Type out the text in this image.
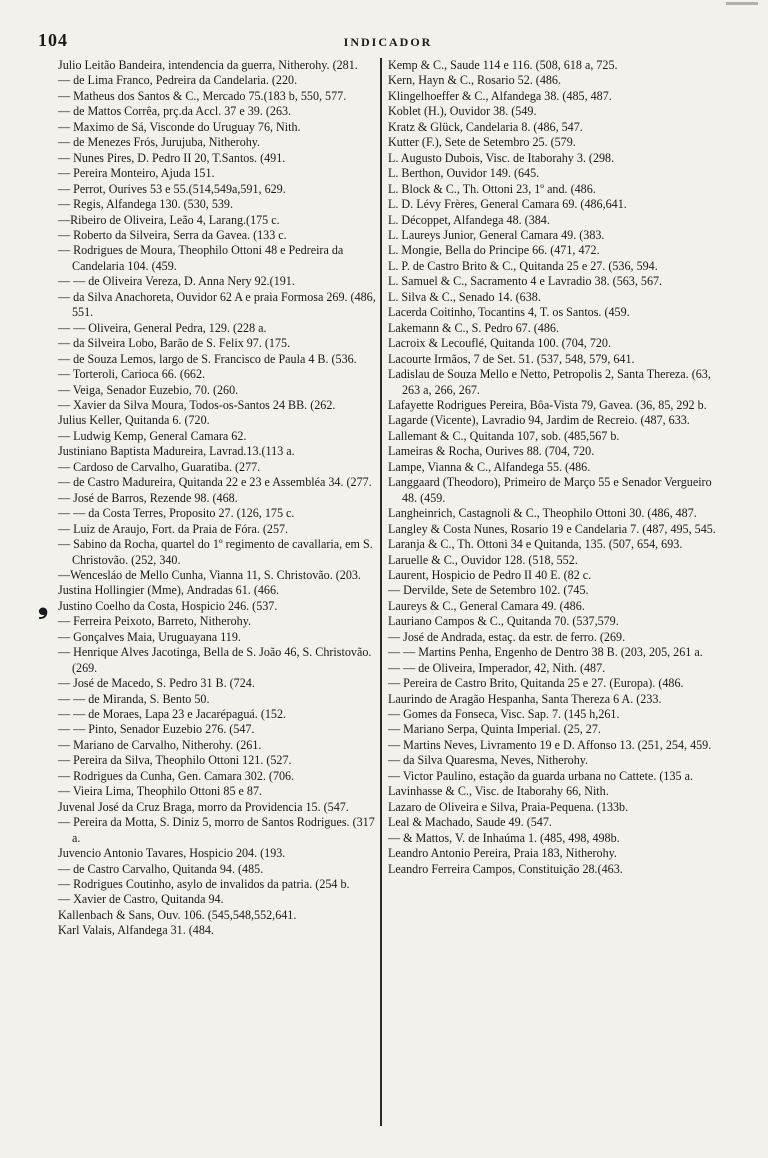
❟
104	INDICADOR

Julio Leitão Bandeira, intendencia da guerra, Nitherohy. (281.

— de Lima Franco, Pedreira da Candelaria. (220.

— Matheus dos Santos & C., Mercado 75.(183 b, 550, 577.

— de Mattos Corrêa, prç.da Accl. 37 e 39. (263.

— Maximo de Sá, Visconde do Uruguay 76, Nith.

— de Menezes Frós, Jurujuba, Nitherohy.

— Nunes Pires, D. Pedro II 20, T.Santos. (491.

— Pereira Monteiro, Ajuda 151.

— Perrot, Ourives 53 e 55.(514,549a,591, 629.

— Regis, Alfandega 130. (530, 539.

—Ribeiro de Oliveira, Leão 4, Larang.(175 c.

— Roberto da Silveira, Serra da Gavea. (133 c.

— Rodrigues de Moura, Theophilo Ottoni 48 e Pedreira da Candelaria 104. (459.

— — de Oliveira Vereza, D. Anna Nery 92.(191.

— da Silva Anachoreta, Ouvidor 62 A e praia Formosa 269. (486, 551.

— — Oliveira, General Pedra, 129. (228 a.

— da Silveira Lobo, Barão de S. Felix 97. (175.

— de Souza Lemos, largo de S. Francisco de Paula 4 B. (536.

— Torteroli, Carioca 66. (662.

— Veiga, Senador Euzebio, 70. (260.

— Xavier da Silva Moura, Todos-os-Santos 24 BB. (262.

Julius Keller, Quitanda 6. (720.

— Ludwig Kemp, General Camara 62.

Justiniano Baptista Madureira, Lavrad.13.(113 a.

— Cardoso de Carvalho, Guaratiba. (277.

— de Castro Madureira, Quitanda 22 e 23 e Assembléa 34. (277.

— José de Barros, Rezende 98. (468.

— — da Costa Terres, Proposito 27. (126, 175 c.

— Luiz de Araujo, Fort. da Praia de Fóra. (257.

— Sabino da Rocha, quartel do 1º regimento de cavallaria, em S. Christovão. (252, 340.

—Wencesláo de Mello Cunha, Vianna 11, S. Christovão. (203.

Justina Hollingier (Mme), Andradas 61. (466.

Justino Coelho da Costa, Hospicio 246. (537.

— Ferreira Peixoto, Barreto, Nitherohy.

— Gonçalves Maia, Uruguayana 119.

— Henrique Alves Jacotinga, Bella de S. João 46, S. Christovão. (269.

— José de Macedo, S. Pedro 31 B. (724.

— — de Miranda, S. Bento 50.

— — de Moraes, Lapa 23 e Jacarépaguá. (152.

— — Pinto, Senador Euzebio 276. (547.

— Mariano de Carvalho, Nitherohy. (261.

— Pereira da Silva, Theophilo Ottoni 121. (527.

— Rodrigues da Cunha, Gen. Camara 302. (706.

— Vieira Lima, Theophilo Ottoni 85 e 87.

Juvenal José da Cruz Braga, morro da Providencia 15. (547.

— Pereira da Motta, S. Diniz 5, morro de Santos Rodrigues. (317 a.

Juvencio Antonio Tavares, Hospicio 204. (193.

— de Castro Carvalho, Quitanda 94. (485.

— Rodrigues Coutinho, asylo de invalidos da patria. (254 b.

— Xavier de Castro, Quitanda 94.

Kallenbach & Sans, Ouv. 106. (545,548,552,641.

Karl Valais, Alfandega 31. (484.

Kemp & C., Saude 114 e 116. (508, 618 a, 725.

Kern, Hayn & C., Rosario 52. (486.

Klingelhoeffer & C., Alfandega 38. (485, 487.

Koblet (H.), Ouvidor 38. (549.

Kratz & Glück, Candelaria 8. (486, 547.

Kutter (F.), Sete de Setembro 25. (579.

L. Augusto Dubois, Visc. de Itaborahy 3. (298.

L. Berthon, Ouvidor 149. (645.

L. Block & C., Th. Ottoni 23, 1º and. (486.

L. D. Lévy Frères, General Camara 69. (486,641.

L. Décoppet, Alfandega 48. (384.

L. Laureys Junior, General Camara 49. (383.

L. Mongie, Bella do Principe 66. (471, 472.

L. P. de Castro Brito & C., Quitanda 25 e 27. (536, 594.

L. Samuel & C., Sacramento 4 e Lavradio 38. (563, 567.

L. Silva & C., Senado 14. (638.

Lacerda Coitinho, Tocantins 4, T. os Santos. (459.

Lakemann & C., S. Pedro 67. (486.

Lacroix & Lecouflé, Quitanda 100. (704, 720.

Lacourte Irmãos, 7 de Set. 51. (537, 548, 579, 641.

Ladislau de Souza Mello e Netto, Petropolis 2, Santa Thereza. (63, 263 a, 266, 267.

Lafayette Rodrigues Pereira, Bôa-Vista 79, Gavea. (36, 85, 292 b.

Lagarde (Vicente), Lavradio 94, Jardim de Recreio. (487, 633.

Lallemant & C., Quitanda 107, sob. (485,567 b.

Lameiras & Rocha, Ourives 88. (704, 720.

Lampe, Vianna & C., Alfandega 55. (486.

Langgaard (Theodoro), Primeiro de Março 55 e Senador Vergueiro 48. (459.

Langheinrich, Castagnoli & C., Theophilo Ottoni 30. (486, 487.

Langley & Costa Nunes, Rosario 19 e Candelaria 7. (487, 495, 545.

Laranja & C., Th. Ottoni 34 e Quitanda, 135. (507, 654, 693.

Laruelle & C., Ouvidor 128. (518, 552.

Laurent, Hospicio de Pedro II 40 E. (82 c.

— Dervilde, Sete de Setembro 102. (745.

Laureys & C., General Camara 49. (486.

Lauriano Campos & C., Quitanda 70. (537,579.

— José de Andrada, estaç. da estr. de ferro. (269.

— — Martins Penha, Engenho de Dentro 38 B. (203, 205, 261 a.

— — de Oliveira, Imperador, 42, Nith. (487.

— Pereira de Castro Brito, Quitanda 25 e 27. (Europa). (486.

Laurindo de Aragão Hespanha, Santa Thereza 6 A. (233.

— Gomes da Fonseca, Visc. Sap. 7. (145 h,261.

— Mariano Serpa, Quinta Imperial. (25, 27.

— Martins Neves, Livramento 19 e D. Affonso 13. (251, 254, 459.

— da Silva Quaresma, Neves, Nitherohy.

— Victor Paulino, estação da guarda urbana no Cattete. (135 a.

Lavinhasse & C., Visc. de Itaborahy 66, Nith.

Lazaro de Oliveira e Silva, Praia-Pequena. (133b.

Leal & Machado, Saude 49. (547.

— & Mattos, V. de Inhaúma 1. (485, 498, 498b.

Leandro Antonio Pereira, Praia 183, Nitherohy.

Leandro Ferreira Campos, Constituição 28.(463.
